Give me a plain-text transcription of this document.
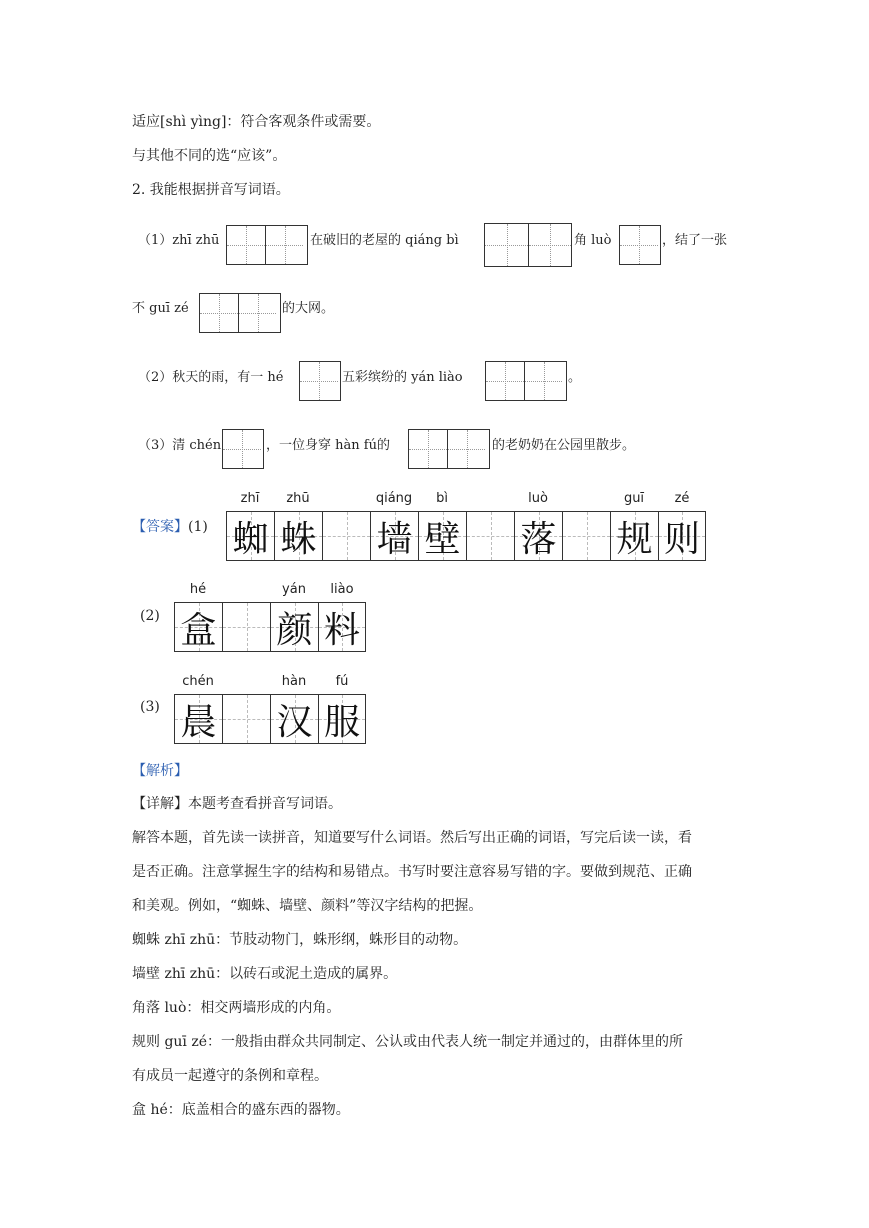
适应[shì yìng]：符合客观条件或需要。
与其他不同的选“应该”。
2. 我能根据拼音写词语。
（1）zhī zhū	在破旧的老屋的 qiáng bì	角 luò	，结了一张
不 guī zé	的大网。
（2）秋天的雨，有一 hé	五彩缤纷的 yán liào	。
（3）清 chén	，一位身穿 hàn fú的	的老奶奶在公园里散步。
【答案】(1)
zhī	zhū	qiáng	bì	luò	guī	zé
蜘 蛛 墙 壁 落 规 则
(2)
hé	yán	liào
盒 颜 料
(3)
chén	hàn	fú
晨 汉 服
【解析】
【详解】本题考查看拼音写词语。
解答本题，首先读一读拼音，知道要写什么词语。然后写出正确的词语，写完后读一读，看
是否正确。注意掌握生字的结构和易错点。书写时要注意容易写错的字。要做到规范、正确
和美观。例如，“蜘蛛、墙壁、颜料”等汉字结构的把握。
蜘蛛 zhī zhū：节肢动物门，蛛形纲，蛛形目的动物。
墙壁 zhī zhū：以砖石或泥土造成的属界。
角落 luò：相交两墙形成的内角。
规则 guī zé：一般指由群众共同制定、公认或由代表人统一制定并通过的，由群体里的所
有成员一起遵守的条例和章程。
盒 hé：底盖相合的盛东西的器物。
